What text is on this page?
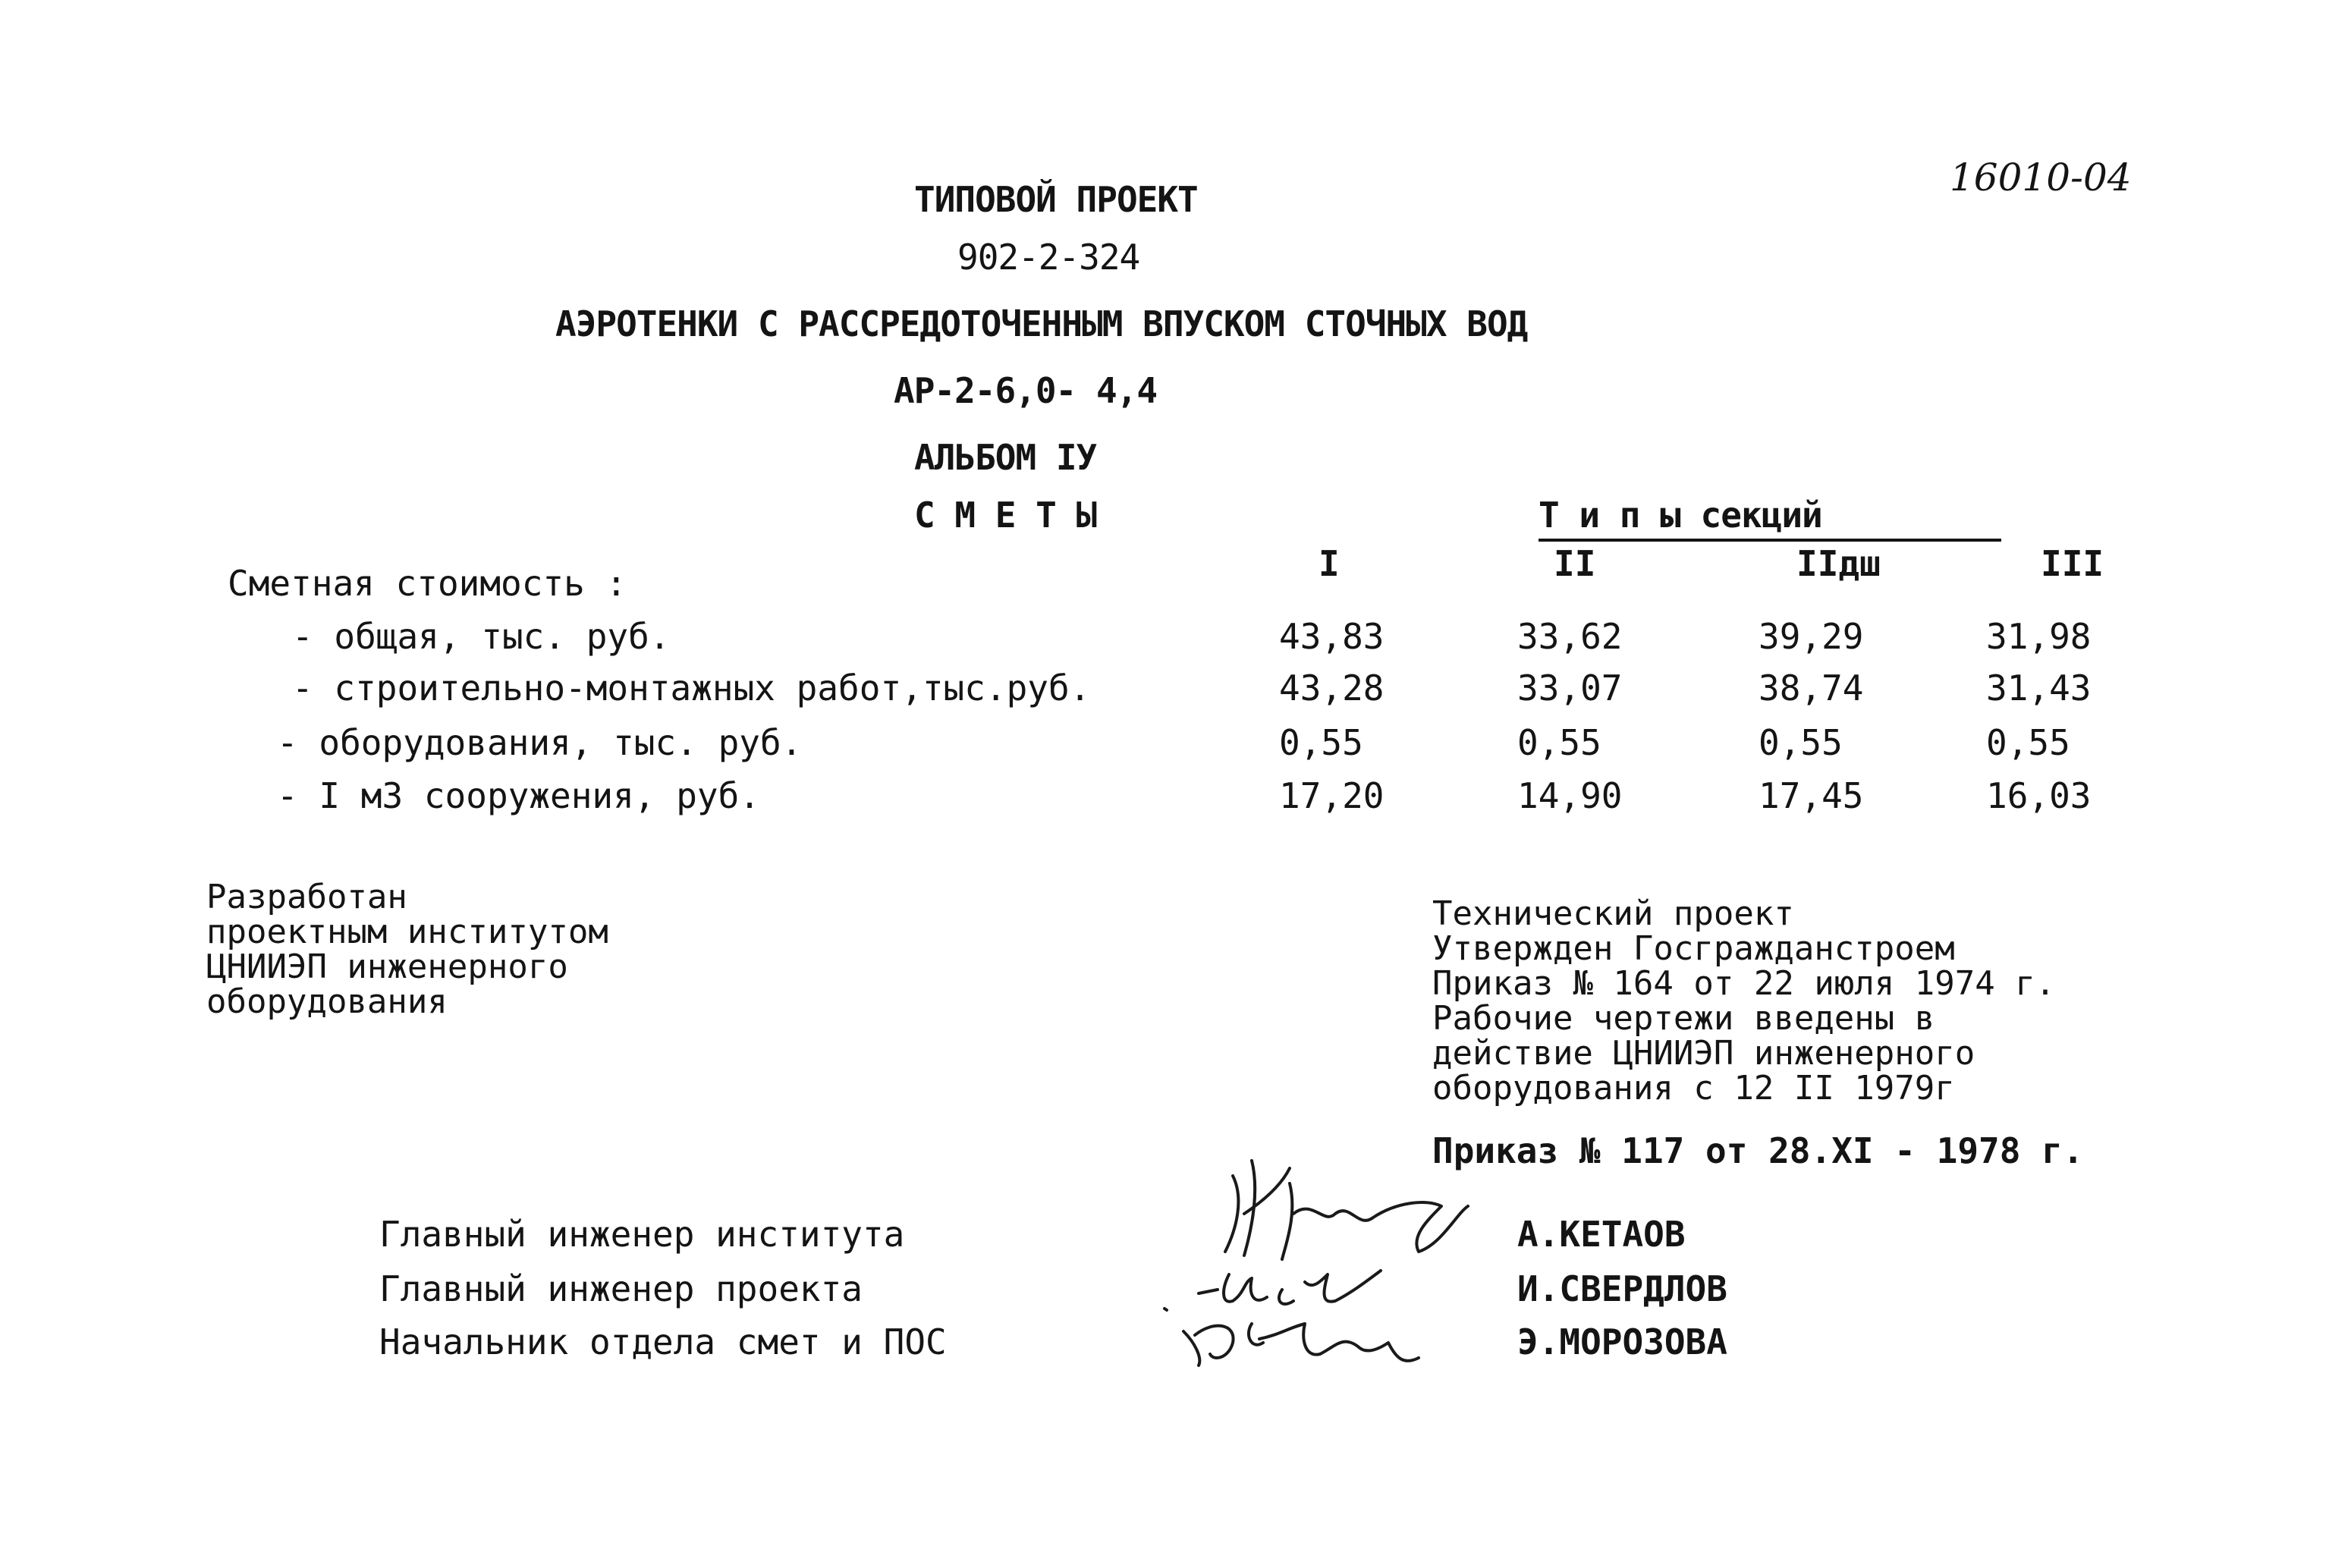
16010-04
ТИПОВОЙ ПРОЕКТ
902-2-324
АЭРОТЕНКИ С РАССРЕДОТОЧЕННЫМ ВПУСКОМ СТОЧНЫХ ВОД
АР-2-6,0- 4,4
АЛЬБОМ IУ
С М Е Т Ы	Т и п ы секций
Сметная стоимость :	I	II	IIдш	III
- общая, тыс. руб.	43,83	33,62	39,29	31,98
- строительно-монтажных работ,тыс.руб.	43,28	33,07	38,74	31,43
- оборудования, тыс. руб.	0,55	0,55	0,55	0,55
- I м3 сооружения, руб.	17,20	14,90	17,45	16,03
Разработан
проектным институтом
ЦНИИЭП инженерного
оборудования
Технический проект
Утвержден Госгражданстроем
Приказ № 164 от 22 июля 1974 г.
Рабочие чертежи введены в
действие ЦНИИЭП инженерного
оборудования с 12 II 1979г
Приказ № 117 от 28.XI - 1978 г.
Главный инженер института	А.КЕТАОВ
Главный инженер проекта	И.СВЕРДЛОВ
Начальник отдела смет и ПОС	Э.МОРОЗОВА
